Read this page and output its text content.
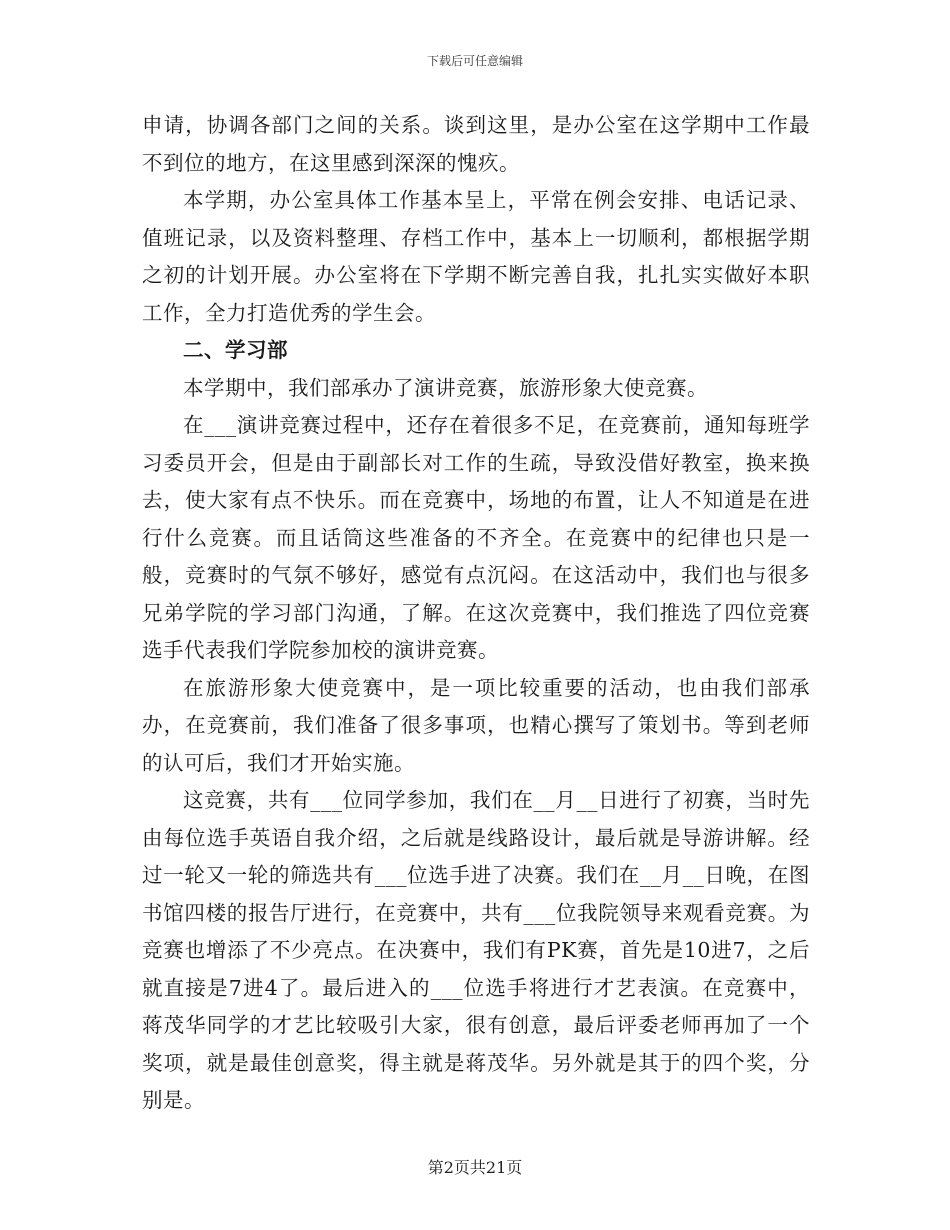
下载后可任意编辑

申请，协调各部门之间的关系。谈到这里，是办公室在这学期中工作最不到位的地方，在这里感到深深的愧疚。

本学期，办公室具体工作基本呈上，平常在例会安排、电话记录、值班记录，以及资料整理、存档工作中，基本上一切顺利，都根据学期之初的计划开展。办公室将在下学期不断完善自我，扎扎实实做好本职工作，全力打造优秀的学生会。

二、学习部

本学期中，我们部承办了演讲竞赛，旅游形象大使竞赛。

在___演讲竞赛过程中，还存在着很多不足，在竞赛前，通知每班学习委员开会，但是由于副部长对工作的生疏，导致没借好教室，换来换去，使大家有点不快乐。而在竞赛中，场地的布置，让人不知道是在进行什么竞赛。而且话筒这些准备的不齐全。在竞赛中的纪律也只是一般，竞赛时的气氛不够好，感觉有点沉闷。在这活动中，我们也与很多兄弟学院的学习部门沟通，了解。在这次竞赛中，我们推选了四位竞赛选手代表我们学院参加校的演讲竞赛。

在旅游形象大使竞赛中，是一项比较重要的活动，也由我们部承办，在竞赛前，我们准备了很多事项，也精心撰写了策划书。等到老师的认可后，我们才开始实施。

这竞赛，共有___位同学参加，我们在__月__日进行了初赛，当时先由每位选手英语自我介绍，之后就是线路设计，最后就是导游讲解。经过一轮又一轮的筛选共有___位选手进了决赛。我们在__月__日晚，在图书馆四楼的报告厅进行，在竞赛中，共有___位我院领导来观看竞赛。为竞赛也增添了不少亮点。在决赛中，我们有PK赛，首先是10进7，之后就直接是7进4了。最后进入的___位选手将进行才艺表演。在竞赛中，蒋茂华同学的才艺比较吸引大家，很有创意，最后评委老师再加了一个奖项，就是最佳创意奖，得主就是蒋茂华。另外就是其于的四个奖，分别是。

第2页共21页
